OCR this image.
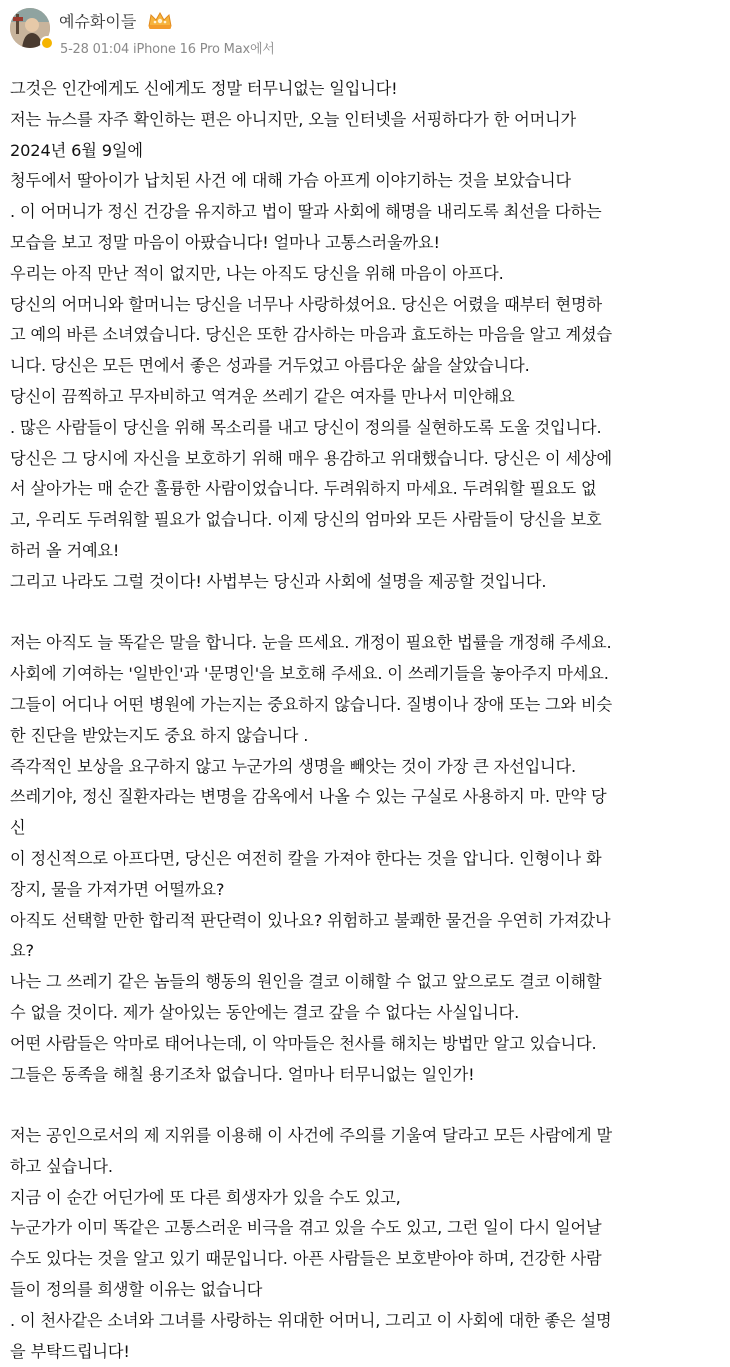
예슈화이들
5-28 01:04 iPhone 16 Pro Max에서
그것은 인간에게도 신에게도 정말 터무니없는 일입니다!
저는 뉴스를 자주 확인하는 편은 아니지만, 오늘 인터넷을 서핑하다가 한 어머니가
2024년 6월 9일에
청두에서 딸아이가 납치된 사건 에 대해 가슴 아프게 이야기하는 것을 보았습니다
. 이 어머니가 정신 건강을 유지하고 법이 딸과 사회에 해명을 내리도록 최선을 다하는
모습을 보고 정말 마음이 아팠습니다! 얼마나 고통스러울까요!
우리는 아직 만난 적이 없지만, 나는 아직도 당신을 위해 마음이 아프다.
당신의 어머니와 할머니는 당신을 너무나 사랑하셨어요. 당신은 어렸을 때부터 현명하
고 예의 바른 소녀였습니다. 당신은 또한 감사하는 마음과 효도하는 마음을 알고 계셨습
니다. 당신은 모든 면에서 좋은 성과를 거두었고 아름다운 삶을 살았습니다.
당신이 끔찍하고 무자비하고 역겨운 쓰레기 같은 여자를 만나서 미안해요
. 많은 사람들이 당신을 위해 목소리를 내고 당신이 정의를 실현하도록 도울 것입니다.
당신은 그 당시에 자신을 보호하기 위해 매우 용감하고 위대했습니다. 당신은 이 세상에
서 살아가는 매 순간 훌륭한 사람이었습니다. 두려워하지 마세요. 두려워할 필요도 없
고, 우리도 두려워할 필요가 없습니다. 이제 당신의 엄마와 모든 사람들이 당신을 보호
하러 올 거예요!
그리고 나라도 그럴 것이다! 사법부는 당신과 사회에 설명을 제공할 것입니다.
저는 아직도 늘 똑같은 말을 합니다. 눈을 뜨세요. 개정이 필요한 법률을 개정해 주세요.
사회에 기여하는 '일반인'과 '문명인'을 보호해 주세요. 이 쓰레기들을 놓아주지 마세요.
그들이 어디나 어떤 병원에 가는지는 중요하지 않습니다. 질병이나 장애 또는 그와 비슷
한 진단을 받았는지도 중요 하지 않습니다 .
즉각적인 보상을 요구하지 않고 누군가의 생명을 빼앗는 것이 가장 큰 자선입니다.
쓰레기야, 정신 질환자라는 변명을 감옥에서 나올 수 있는 구실로 사용하지 마. 만약 당
신
이 정신적으로 아프다면, 당신은 여전히 칼을 가져야 한다는 것을 압니다. 인형이나 화
장지, 물을 가져가면 어떨까요?
아직도 선택할 만한 합리적 판단력이 있나요? 위험하고 불쾌한 물건을 우연히 가져갔나
요?
나는 그 쓰레기 같은 놈들의 행동의 원인을 결코 이해할 수 없고 앞으로도 결코 이해할
수 없을 것이다. 제가 살아있는 동안에는 결코 갚을 수 없다는 사실입니다.
어떤 사람들은 악마로 태어나는데, 이 악마들은 천사를 해치는 방법만 알고 있습니다.
그들은 동족을 해칠 용기조차 없습니다. 얼마나 터무니없는 일인가!
저는 공인으로서의 제 지위를 이용해 이 사건에 주의를 기울여 달라고 모든 사람에게 말
하고 싶습니다.
지금 이 순간 어딘가에 또 다른 희생자가 있을 수도 있고,
누군가가 이미 똑같은 고통스러운 비극을 겪고 있을 수도 있고, 그런 일이 다시 일어날
수도 있다는 것을 알고 있기 때문입니다. 아픈 사람들은 보호받아야 하며, 건강한 사람
들이 정의를 희생할 이유는 없습니다
. 이 천사같은 소녀와 그녀를 사랑하는 위대한 어머니, 그리고 이 사회에 대한 좋은 설명
을 부탁드립니다!
